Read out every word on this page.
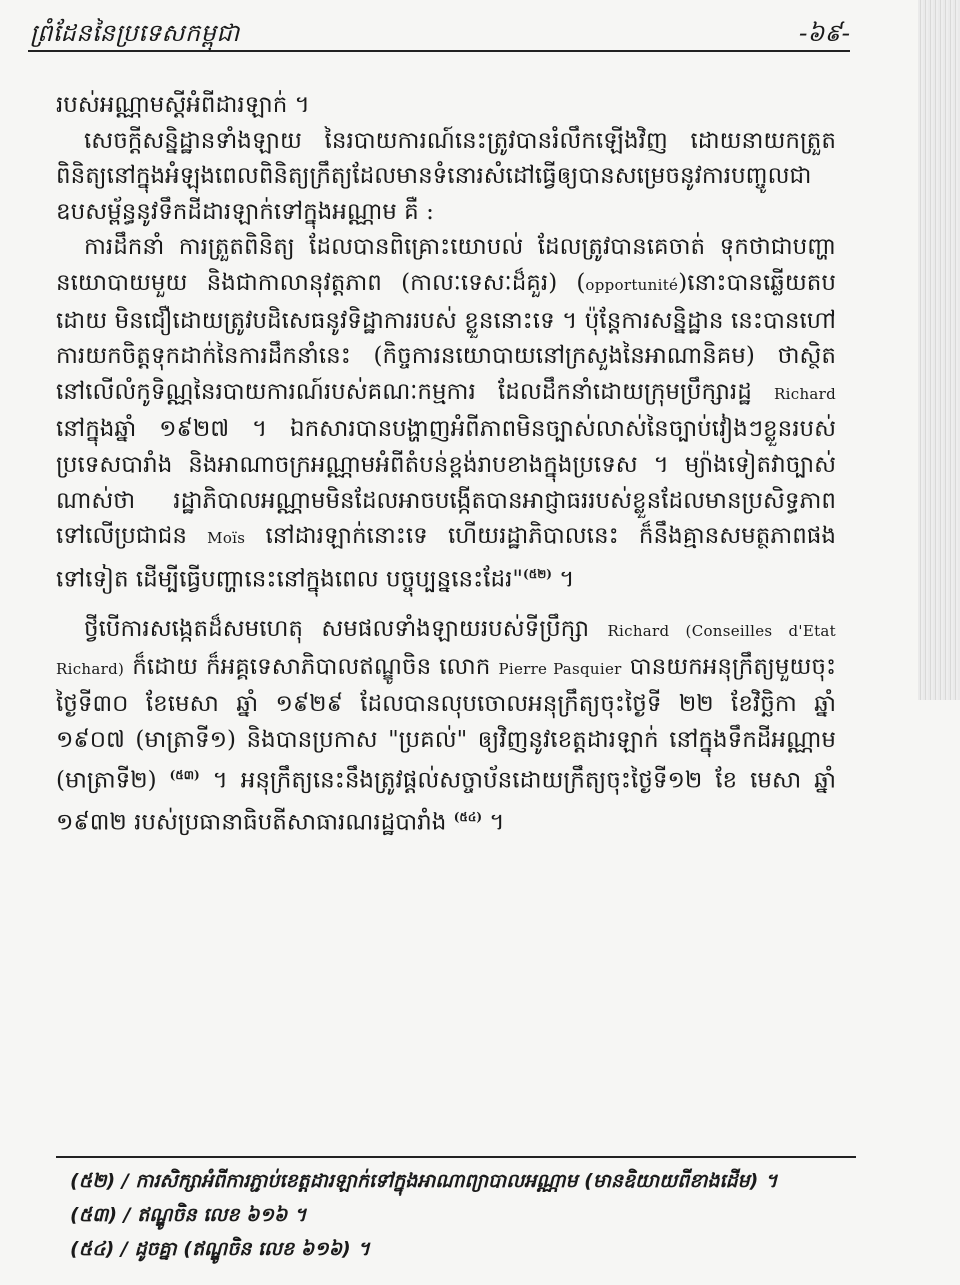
ព្រំដែននៃប្រទេសកម្ពុជា	-៦៩-

របស់អណ្ណាមស្តីអំពីដារឡាក់ ។

សេចក្តីសន្និដ្ឋានទាំងឡាយ នៃរបាយការណ៍នេះត្រូវបានរំលឹកឡើងវិញ ដោយនាយកត្រួតពិនិត្យនៅក្នុងអំឡុងពេលពិនិត្យក្រឹត្យដែលមានទំនោរសំដៅធ្វើឲ្យបានសម្រេចនូវការបញ្ចូលជាឧបសម្ព័ន្ធនូវទឹកដីដារឡាក់ទៅក្នុងអណ្ណាម គឺ :

ការដឹកនាំ ការត្រួតពិនិត្យ ដែលបានពិគ្រោះយោបល់ ដែលត្រូវបានគេចាត់ ទុកថាជាបញ្ហានយោបាយមួយ និងជាកាលានុវត្តភាព (កាលៈទេសៈដ៏គួរ) (opportunité)នោះបានឆ្លើយតបដោយ មិនជឿដោយត្រូវបដិសេធនូវទិដ្ឋាការរបស់ ខ្លួននោះទេ ។ ប៉ុន្តែការសន្និដ្ឋាន នេះបានហៅការយកចិត្តទុកដាក់នៃការដឹកនាំនេះ (កិច្ចការនយោបាយនៅក្រសួងនៃអាណានិគម) ថាស្ថិតនៅលើលំកូទិណ្ណនៃរបាយការណ៍របស់គណៈកម្មការ ដែលដឹកនាំដោយក្រុមប្រឹក្សារដ្ឋ Richard នៅក្នុងឆ្នាំ ១៩២៧ ។ ឯកសារបានបង្ហាញអំពីភាពមិនច្បាស់លាស់នៃច្បាប់វៀងៗខ្លួនរបស់ប្រទេសបារាំង និងអាណាចក្រអណ្ណាមអំពីតំបន់ខ្ពង់រាបខាងក្នុងប្រទេស ។ ម្យ៉ាងទៀតវាច្បាស់ណាស់ថា រដ្ឋាភិបាលអណ្ណាមមិនដែលអាចបង្កើតបានអាជ្ញាធររបស់ខ្លួនដែលមានប្រសិទ្ធភាពទៅលើប្រជាជន Moïs នៅដារឡាក់នោះទេ ហើយរដ្ឋាភិបាលនេះ ក៏នឹងគ្មានសមត្ថភាពផងទៅទៀត ដើម្បីធ្វើបញ្ហានេះនៅក្នុងពេល បច្ចុប្បន្ននេះដែរ"$^{(៥២)}$ ។

ថ្វីបើការសង្កេតដ៏សមហេតុ សមផលទាំងឡាយរបស់ទីប្រឹក្សា Richard (Conseilles d'Etat Richard) ក៏ដោយ ក៏អគ្គទេសាភិបាលឥណ្ឌូចិន លោក Pierre Pasquier បានយកអនុក្រឹត្យមួយចុះថ្ងៃទី៣០ ខែមេសា ឆ្នាំ ១៩២៩ ដែលបានលុបចោលអនុក្រឹត្យចុះថ្ងៃទី ២២ ខែវិច្ឆិកា ឆ្នាំ ១៩០៧ (មាត្រាទី១) និងបានប្រកាស "ប្រគល់" ឲ្យវិញនូវខេត្តដារឡាក់ នៅក្នុងទឹកដីអណ្ណាម (មាត្រាទី២) $^{(៥៣)}$ ។ អនុក្រឹត្យនេះនឹងត្រូវផ្តល់សច្ចាប័នដោយក្រឹត្យចុះថ្ងៃទី១២ ខែ មេសា ឆ្នាំ ១៩៣២ របស់ប្រធានាធិបតីសាធារណរដ្ឋបារាំង $^{(៥៤)}$ ។

(៥២) / ការសិក្សាអំពីការភ្ជាប់ខេត្តដារឡាក់ទៅក្នុងអាណាព្យាបាលអណ្ណាម (មានឧិយាយពីខាងដើម) ។
(៥៣) / ឥណ្ឌូចិន លេខ ៦១៦ ។
(៥៤) / ដូចគ្នា (ឥណ្ឌូចិន លេខ ៦១៦) ។
